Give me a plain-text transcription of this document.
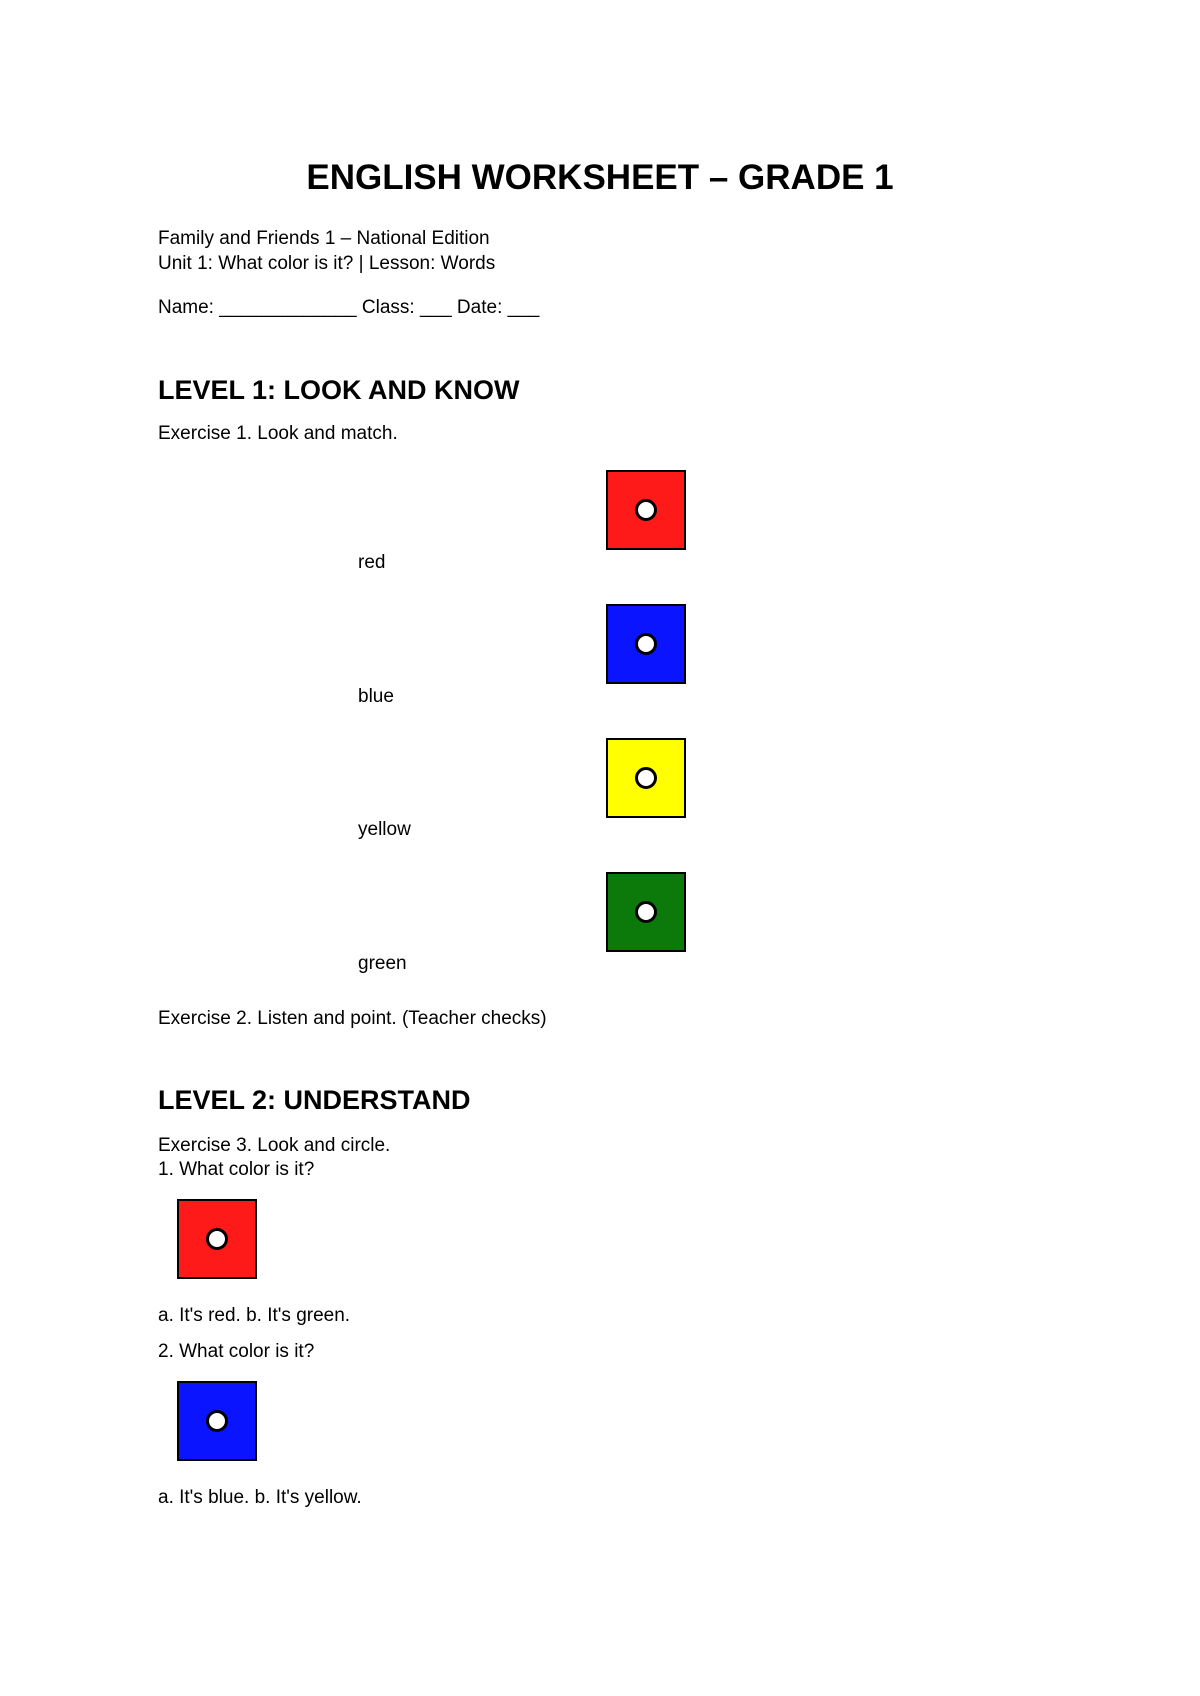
ENGLISH WORKSHEET – GRADE 1
Family and Friends 1 – National Edition
Unit 1: What color is it? | Lesson: Words
Name: _____________ Class: ___ Date: ___
LEVEL 1: LOOK AND KNOW
Exercise 1. Look and match.
red
blue
yellow
green
Exercise 2. Listen and point. (Teacher checks)
LEVEL 2: UNDERSTAND
Exercise 3. Look and circle.
1. What color is it?
a. It's red. b. It's green.
2. What color is it?
a. It's blue. b. It's yellow.
